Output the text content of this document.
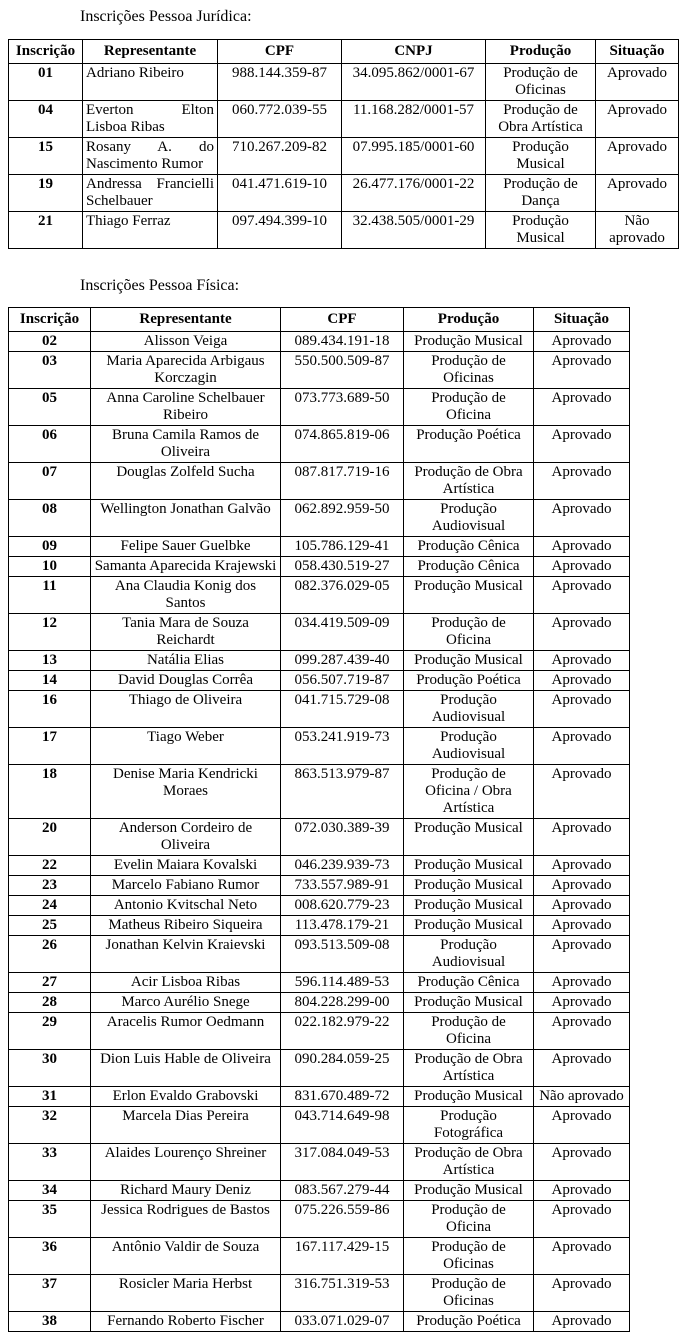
Inscrições Pessoa Jurídica:

Inscrição	Representante	CPF	CNPJ	Produção	Situação
01	Adriano Ribeiro	988.144.359-87	34.095.862/0001-67	Produção de Oficinas	Aprovado
04	Everton Elton Lisboa Ribas	060.772.039-55	11.168.282/0001-57	Produção de Obra Artística	Aprovado
15	Rosany A. do Nascimento Rumor	710.267.209-82	07.995.185/0001-60	Produção Musical	Aprovado
19	Andressa Francielli Schelbauer	041.471.619-10	26.477.176/0001-22	Produção de Dança	Aprovado
21	Thiago Ferraz	097.494.399-10	32.438.505/0001-29	Produção Musical	Não aprovado

Inscrições Pessoa Física:

Inscrição	Representante	CPF	Produção	Situação
02	Alisson Veiga	089.434.191-18	Produção Musical	Aprovado
03	Maria Aparecida Arbigaus Korczagin	550.500.509-87	Produção de Oficinas	Aprovado
05	Anna Caroline Schelbauer Ribeiro	073.773.689-50	Produção de Oficina	Aprovado
06	Bruna Camila Ramos de Oliveira	074.865.819-06	Produção Poética	Aprovado
07	Douglas Zolfeld Sucha	087.817.719-16	Produção de Obra Artística	Aprovado
08	Wellington Jonathan Galvão	062.892.959-50	Produção Audiovisual	Aprovado
09	Felipe Sauer Guelbke	105.786.129-41	Produção Cênica	Aprovado
10	Samanta Aparecida Krajewski	058.430.519-27	Produção Cênica	Aprovado
11	Ana Claudia Konig dos Santos	082.376.029-05	Produção Musical	Aprovado
12	Tania Mara de Souza Reichardt	034.419.509-09	Produção de Oficina	Aprovado
13	Natália Elias	099.287.439-40	Produção Musical	Aprovado
14	David Douglas Corrêa	056.507.719-87	Produção Poética	Aprovado
16	Thiago de Oliveira	041.715.729-08	Produção Audiovisual	Aprovado
17	Tiago Weber	053.241.919-73	Produção Audiovisual	Aprovado
18	Denise Maria Kendricki Moraes	863.513.979-87	Produção de Oficina / Obra Artística	Aprovado
20	Anderson Cordeiro de Oliveira	072.030.389-39	Produção Musical	Aprovado
22	Evelin Maiara Kovalski	046.239.939-73	Produção Musical	Aprovado
23	Marcelo Fabiano Rumor	733.557.989-91	Produção Musical	Aprovado
24	Antonio Kvitschal Neto	008.620.779-23	Produção Musical	Aprovado
25	Matheus Ribeiro Siqueira	113.478.179-21	Produção Musical	Aprovado
26	Jonathan Kelvin Kraievski	093.513.509-08	Produção Audiovisual	Aprovado
27	Acir Lisboa Ribas	596.114.489-53	Produção Cênica	Aprovado
28	Marco Aurélio Snege	804.228.299-00	Produção Musical	Aprovado
29	Aracelis Rumor Oedmann	022.182.979-22	Produção de Oficina	Aprovado
30	Dion Luis Hable de Oliveira	090.284.059-25	Produção de Obra Artística	Aprovado
31	Erlon Evaldo Grabovski	831.670.489-72	Produção Musical	Não aprovado
32	Marcela Dias Pereira	043.714.649-98	Produção Fotográfica	Aprovado
33	Alaides Lourenço Shreiner	317.084.049-53	Produção de Obra Artística	Aprovado
34	Richard Maury Deniz	083.567.279-44	Produção Musical	Aprovado
35	Jessica Rodrigues de Bastos	075.226.559-86	Produção de Oficina	Aprovado
36	Antônio Valdir de Souza	167.117.429-15	Produção de Oficinas	Aprovado
37	Rosicler Maria Herbst	316.751.319-53	Produção de Oficinas	Aprovado
38	Fernando Roberto Fischer	033.071.029-07	Produção Poética	Aprovado
